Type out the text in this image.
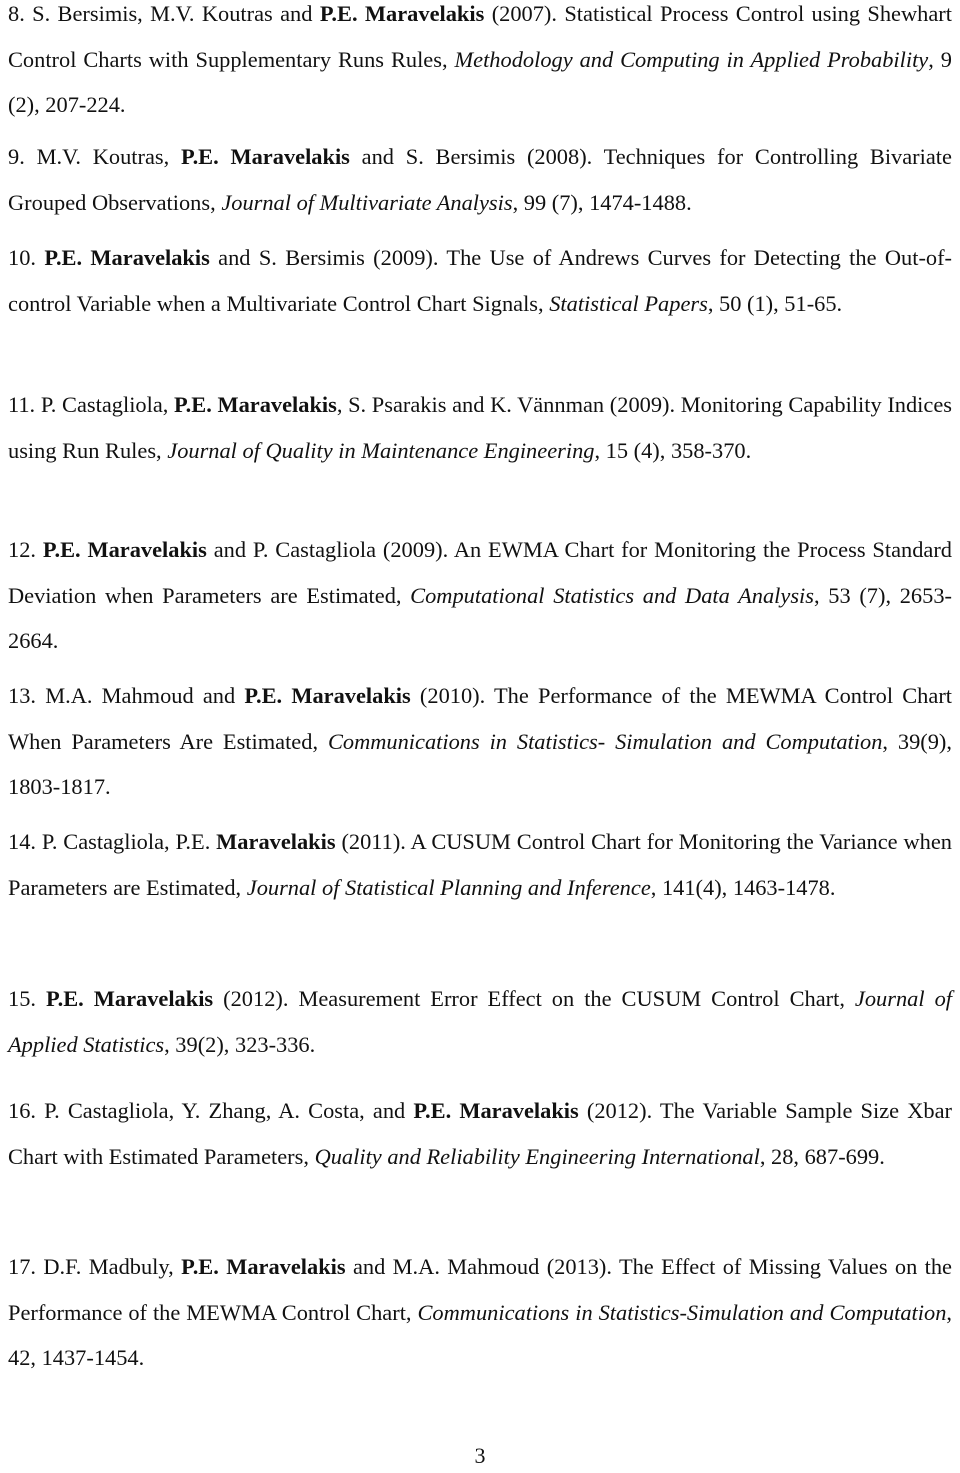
8. S. Bersimis, M.V. Koutras and P.E. Maravelakis (2007). Statistical Process Control using Shewhart Control Charts with Supplementary Runs Rules, Methodology and Computing in Applied Probability, 9 (2), 207-224.

9. M.V. Koutras, P.E. Maravelakis and S. Bersimis (2008). Techniques for Controlling Bivariate Grouped Observations, Journal of Multivariate Analysis, 99 (7), 1474-1488.

10. P.E. Maravelakis and S. Bersimis (2009). The Use of Andrews Curves for Detecting the Out-of-control Variable when a Multivariate Control Chart Signals, Statistical Papers, 50 (1), 51-65.

11. P. Castagliola, P.E. Maravelakis, S. Psarakis and K. Vännman (2009). Monitoring Capability Indices using Run Rules, Journal of Quality in Maintenance Engineering, 15 (4), 358-370.

12. P.E. Maravelakis and P. Castagliola (2009). An EWMA Chart for Monitoring the Process Standard Deviation when Parameters are Estimated, Computational Statistics and Data Analysis, 53 (7), 2653-2664.

13. M.A. Mahmoud and P.E. Maravelakis (2010). The Performance of the MEWMA Control Chart When Parameters Are Estimated, Communications in Statistics- Simulation and Computation, 39(9), 1803-1817.

14. P. Castagliola, P.E. Maravelakis (2011). A CUSUM Control Chart for Monitoring the Variance when Parameters are Estimated, Journal of Statistical Planning and Inference, 141(4), 1463-1478.

15. P.E. Maravelakis (2012). Measurement Error Effect on the CUSUM Control Chart, Journal of Applied Statistics, 39(2), 323-336.

16. P. Castagliola, Y. Zhang, A. Costa, and P.E. Maravelakis (2012). The Variable Sample Size Xbar Chart with Estimated Parameters, Quality and Reliability Engineering International, 28, 687-699.

17. D.F. Madbuly, P.E. Maravelakis and M.A. Mahmoud (2013). The Effect of Missing Values on the Performance of the MEWMA Control Chart, Communications in Statistics-Simulation and Computation, 42, 1437-1454.

3
